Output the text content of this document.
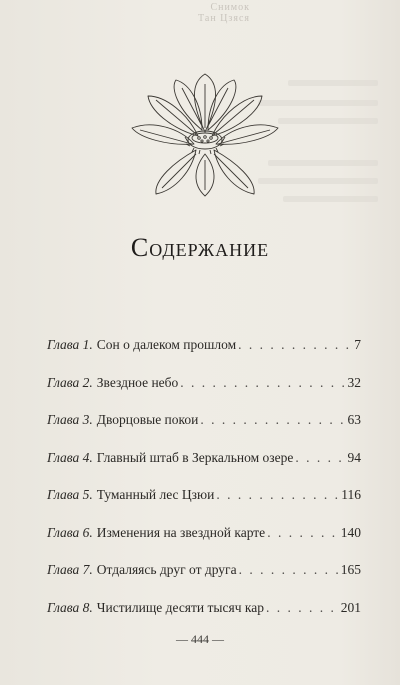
Снимок
Тан Цзяся
Содержание
Глава 1. Сон о далеком прошлом . . .	7
Глава 2. Звездное небо . . .	32
Глава 3. Дворцовые покои . . .	63
Глава 4. Главный штаб в Зеркальном озере . . .	94
Глава 5. Туманный лес Цзюи . . .	116
Глава 6. Изменения на звездной карте . . .	140
Глава 7. Отдаляясь друг от друга . . .	165
Глава 8. Чистилище десяти тысяч кар . . .	201
— 444 —
